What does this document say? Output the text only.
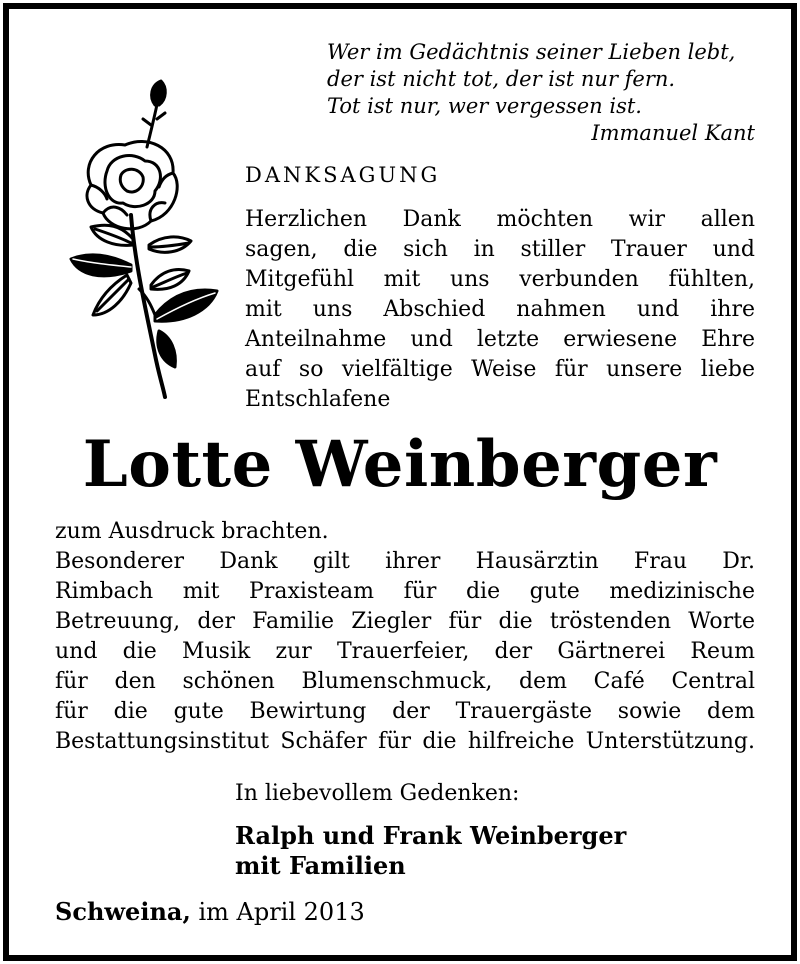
Wer im Gedächtnis seiner Lieben lebt,
der ist nicht tot, der ist nur fern.
Tot ist nur, wer vergessen ist.
Immanuel Kant
DANKSAGUNG
Herzlichen Dank möchten wir allen
sagen, die sich in stiller Trauer und
Mitgefühl mit uns verbunden fühlten,
mit uns Abschied nahmen und ihre
Anteilnahme und letzte erwiesene Ehre
auf so vielfältige Weise für unsere liebe
Entschlafene
Lotte Weinberger
zum Ausdruck brachten.
Besonderer Dank gilt ihrer Hausärztin Frau Dr.
Rimbach mit Praxisteam für die gute medizinische
Betreuung, der Familie Ziegler für die tröstenden Worte
und die Musik zur Trauerfeier, der Gärtnerei Reum
für den schönen Blumenschmuck, dem Café Central
für die gute Bewirtung der Trauergäste sowie dem
Bestattungsinstitut Schäfer für die hilfreiche Unterstützung.
In liebevollem Gedenken:
Ralph und Frank Weinberger
mit Familien
Schweina, im April 2013
